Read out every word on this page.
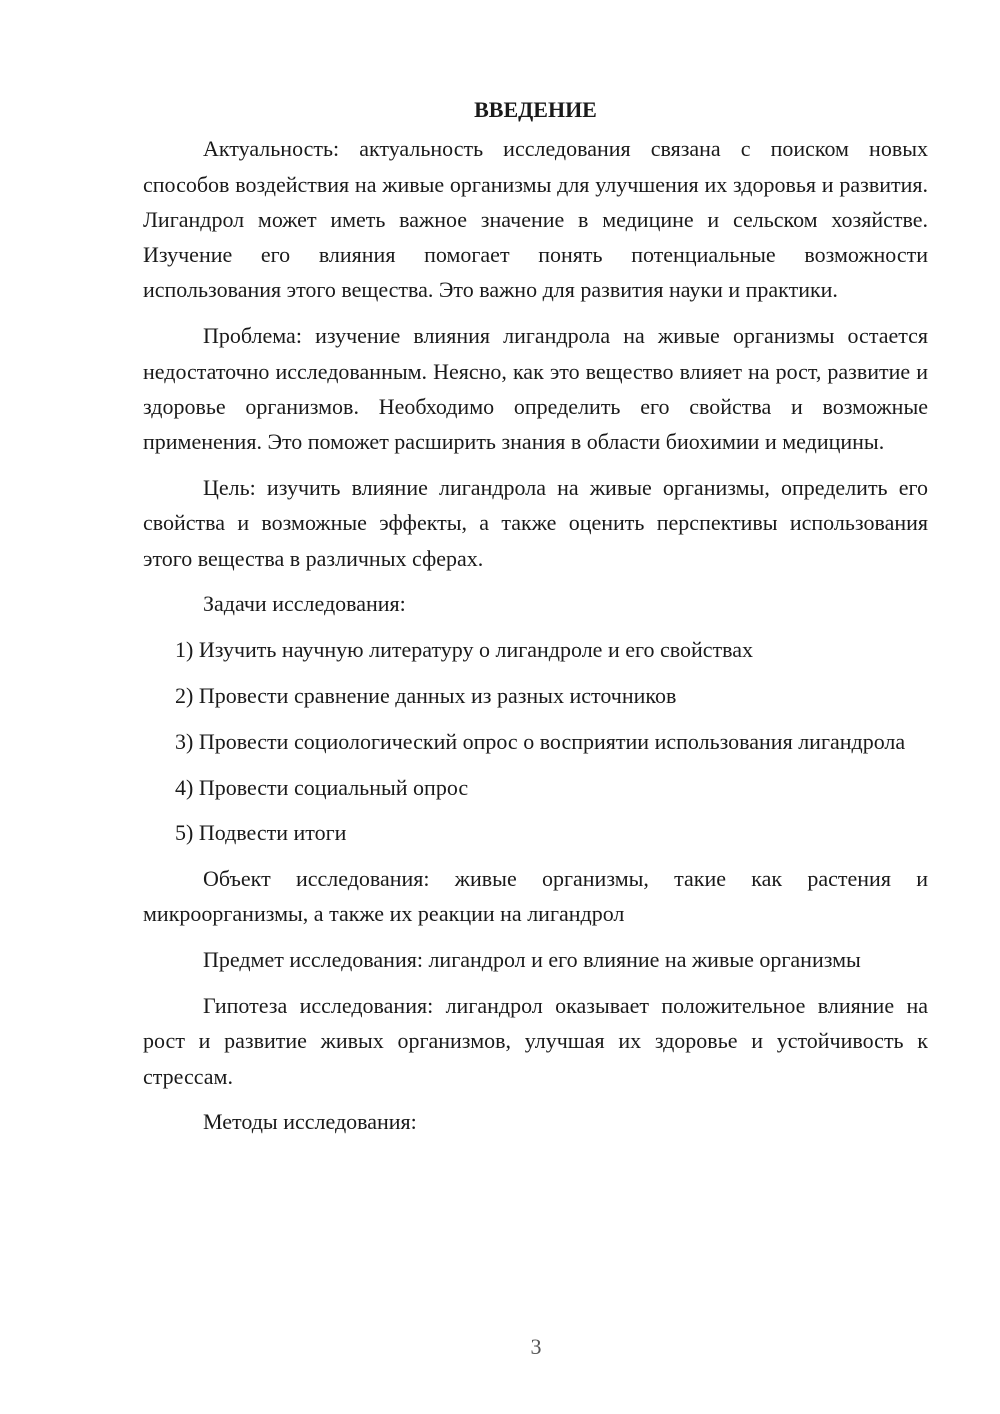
ВВЕДЕНИЕ

Актуальность: актуальность исследования связана с поиском новых способов воздействия на живые организмы для улучшения их здоровья и развития. Лигандрол может иметь важное значение в медицине и сельском хозяйстве. Изучение его влияния помогает понять потенциальные возможности использования этого вещества. Это важно для развития науки и практики.

Проблема: изучение влияния лигандрола на живые организмы остается недостаточно исследованным. Неясно, как это вещество влияет на рост, развитие и здоровье организмов. Необходимо определить его свойства и возможные применения. Это поможет расширить знания в области биохимии и медицины.

Цель: изучить влияние лигандрола на живые организмы, определить его свойства и возможные эффекты, а также оценить перспективы использования этого вещества в различных сферах.

Задачи исследования:

1) Изучить научную литературу о лигандроле и его свойствах

2) Провести сравнение данных из разных источников

3) Провести социологический опрос о восприятии использования лигандрола

4) Провести социальный опрос

5) Подвести итоги

Объект исследования: живые организмы, такие как растения и микроорганизмы, а также их реакции на лигандрол

Предмет исследования: лигандрол и его влияние на живые организмы

Гипотеза исследования: лигандрол оказывает положительное влияние на рост и развитие живых организмов, улучшая их здоровье и устойчивость к стрессам.

Методы исследования:

3
